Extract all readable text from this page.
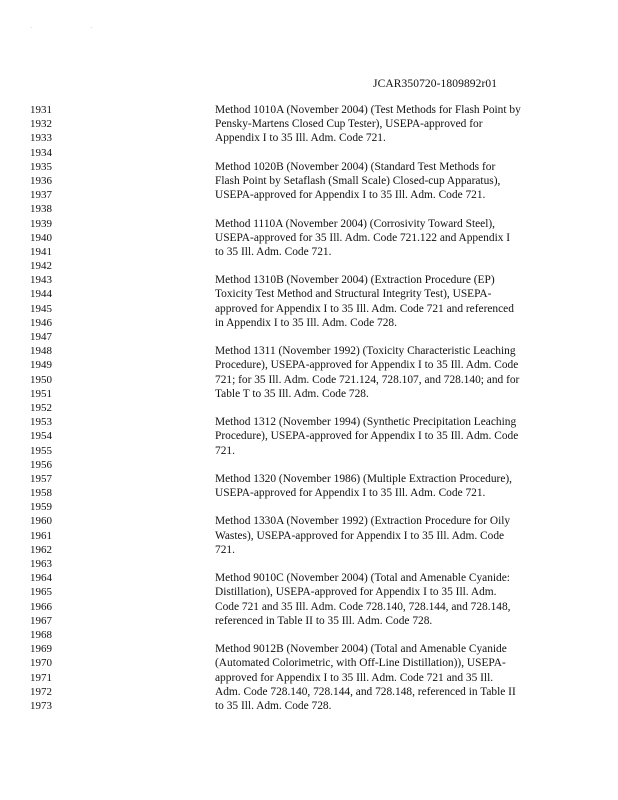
· ·
JCAR350720-1809892r01
1931	Method 1010A (November 2004) (Test Methods for Flash Point by
1932	Pensky-Martens Closed Cup Tester), USEPA-approved for
1933	Appendix I to 35 Ill. Adm. Code 721.
1934
1935	Method 1020B (November 2004) (Standard Test Methods for
1936	Flash Point by Setaflash (Small Scale) Closed-cup Apparatus),
1937	USEPA-approved for Appendix I to 35 Ill. Adm. Code 721.
1938
1939	Method 1110A (November 2004) (Corrosivity Toward Steel),
1940	USEPA-approved for 35 Ill. Adm. Code 721.122 and Appendix I
1941	to 35 Ill. Adm. Code 721.
1942
1943	Method 1310B (November 2004) (Extraction Procedure (EP)
1944	Toxicity Test Method and Structural Integrity Test), USEPA-
1945	approved for Appendix I to 35 Ill. Adm. Code 721 and referenced
1946	in Appendix I to 35 Ill. Adm. Code 728.
1947
1948	Method 1311 (November 1992) (Toxicity Characteristic Leaching
1949	Procedure), USEPA-approved for Appendix I to 35 Ill. Adm. Code
1950	721; for 35 Ill. Adm. Code 721.124, 728.107, and 728.140; and for
1951	Table T to 35 Ill. Adm. Code 728.
1952
1953	Method 1312 (November 1994) (Synthetic Precipitation Leaching
1954	Procedure), USEPA-approved for Appendix I to 35 Ill. Adm. Code
1955	721.
1956
1957	Method 1320 (November 1986) (Multiple Extraction Procedure),
1958	USEPA-approved for Appendix I to 35 Ill. Adm. Code 721.
1959
1960	Method 1330A (November 1992) (Extraction Procedure for Oily
1961	Wastes), USEPA-approved for Appendix I to 35 Ill. Adm. Code
1962	721.
1963
1964	Method 9010C (November 2004) (Total and Amenable Cyanide:
1965	Distillation), USEPA-approved for Appendix I to 35 Ill. Adm.
1966	Code 721 and 35 Ill. Adm. Code 728.140, 728.144, and 728.148,
1967	referenced in Table II to 35 Ill. Adm. Code 728.
1968
1969	Method 9012B (November 2004) (Total and Amenable Cyanide
1970	(Automated Colorimetric, with Off-Line Distillation)), USEPA-
1971	approved for Appendix I to 35 Ill. Adm. Code 721 and 35 Ill.
1972	Adm. Code 728.140, 728.144, and 728.148, referenced in Table II
1973	to 35 Ill. Adm. Code 728.
